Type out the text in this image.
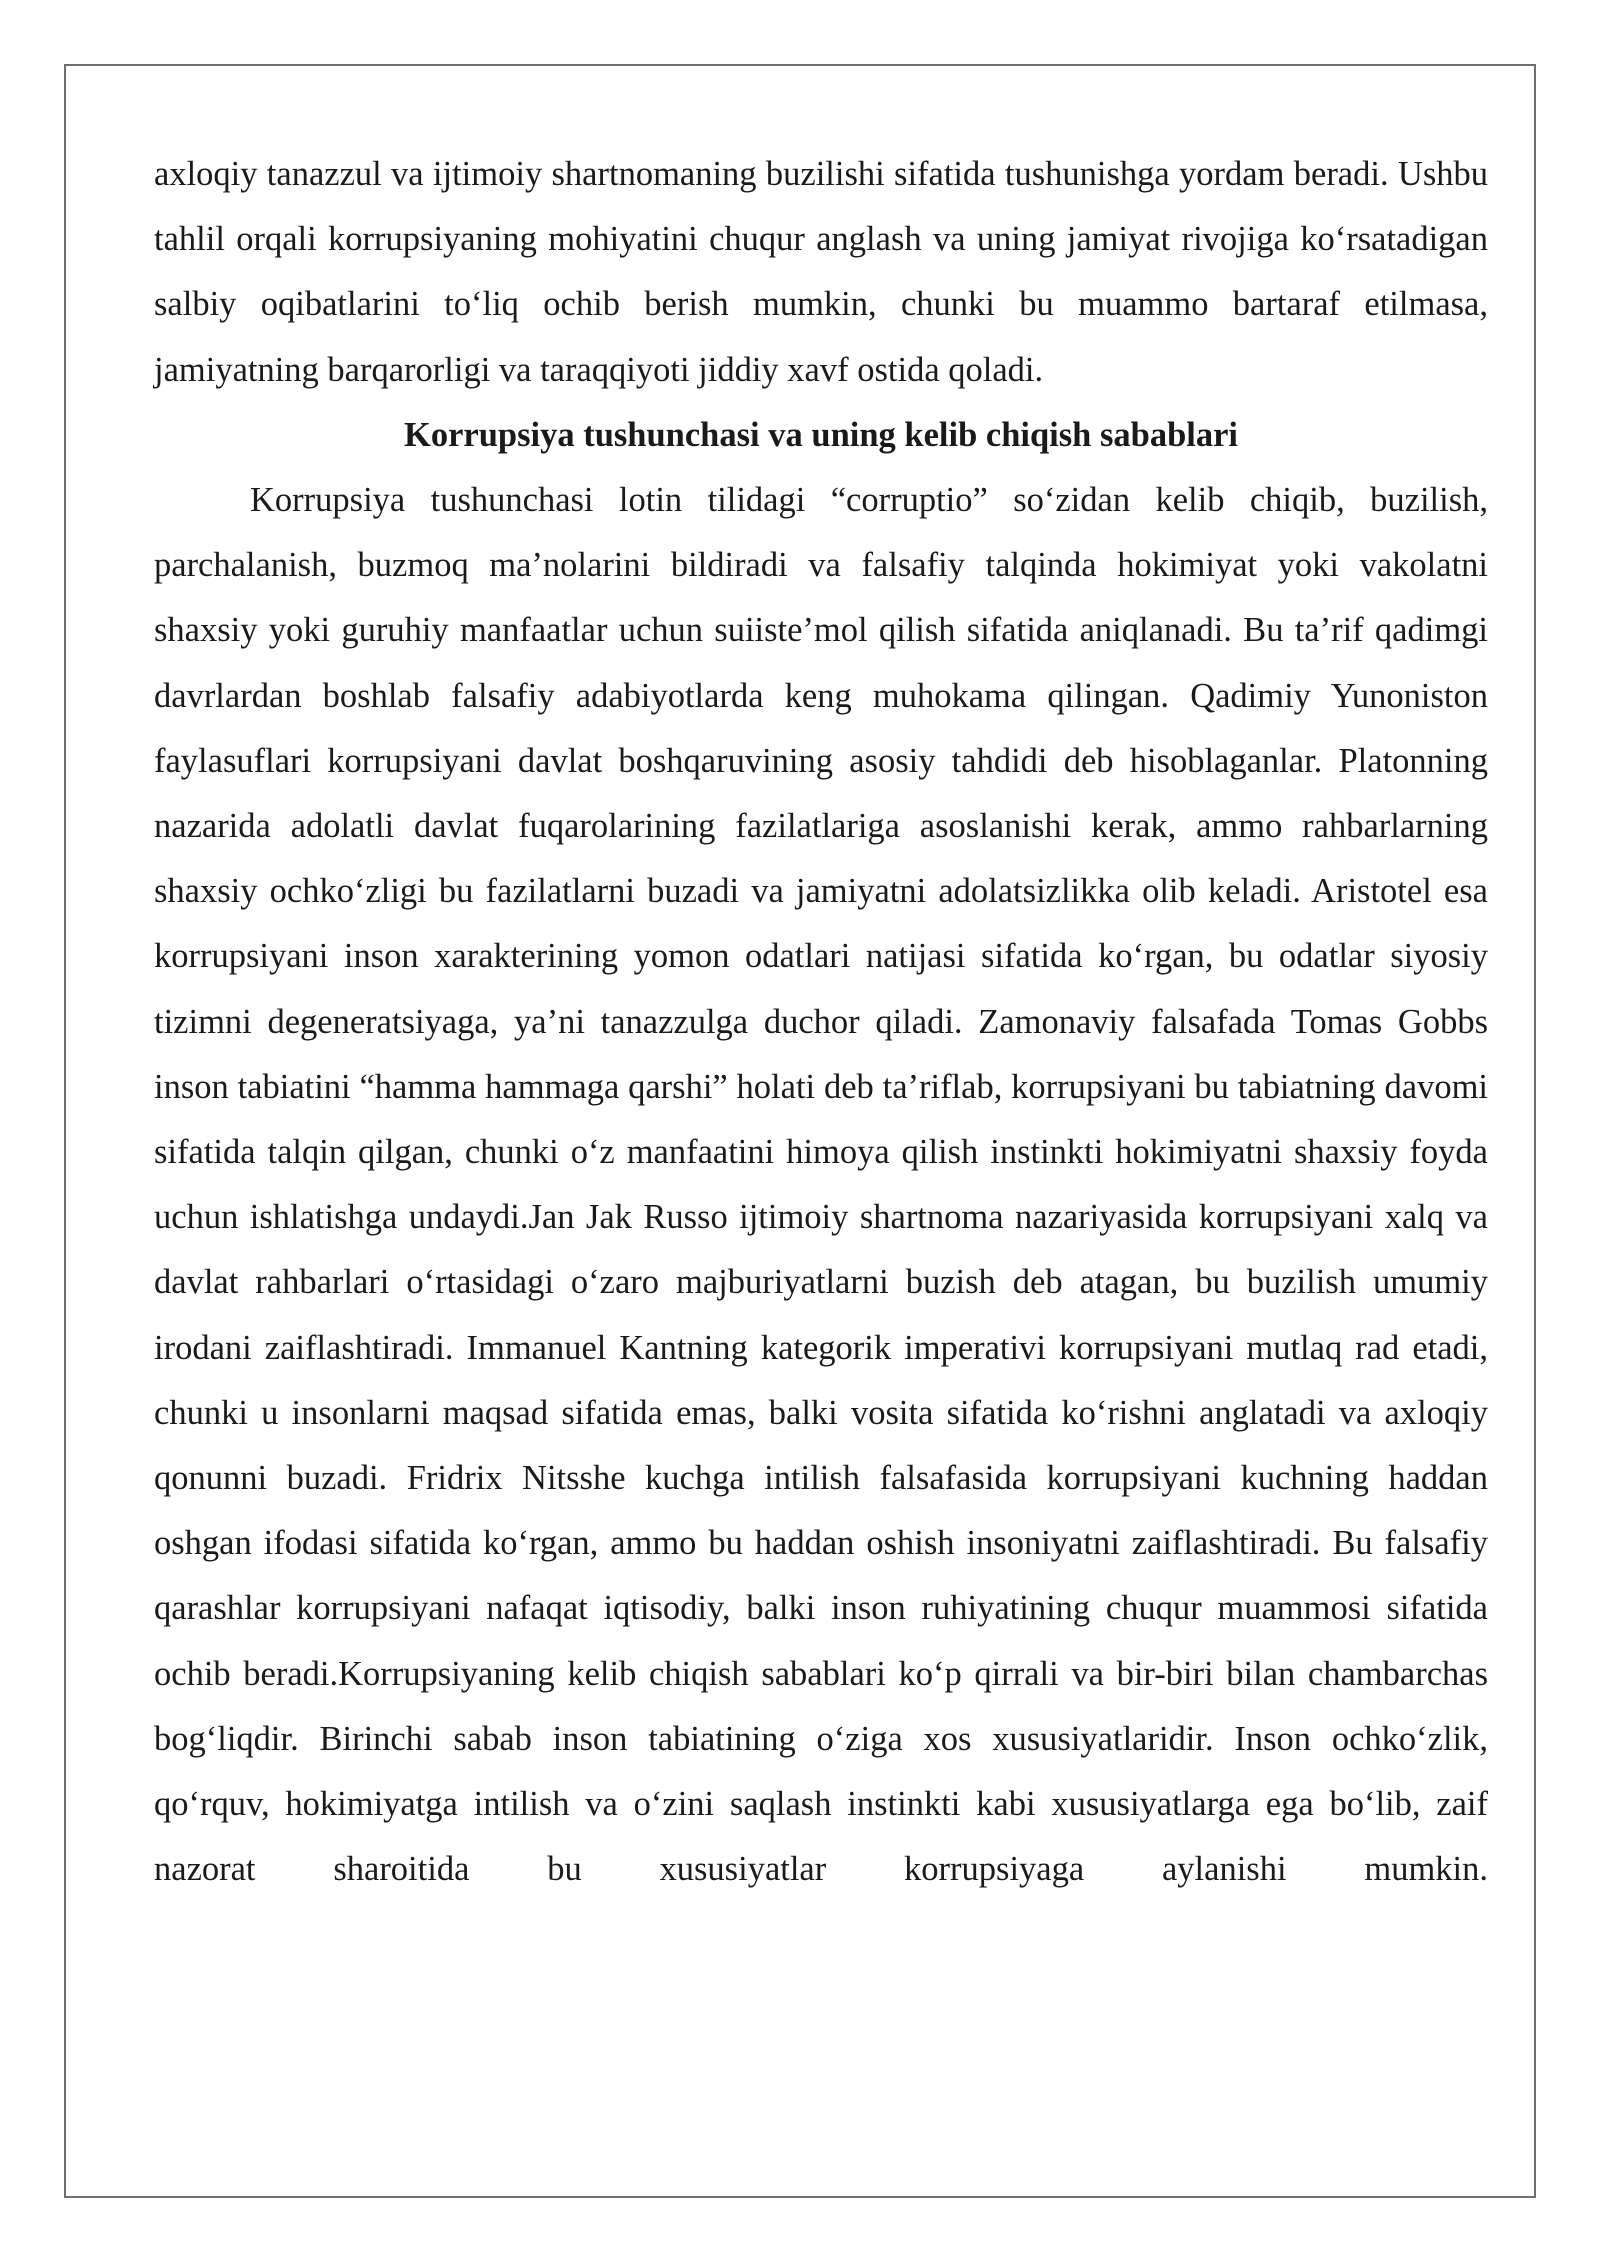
axloqiy tanazzul va ijtimoiy shartnomaning buzilishi sifatida tushunishga yordam beradi. Ushbu tahlil orqali korrupsiyaning mohiyatini chuqur anglash va uning jamiyat rivojiga ko‘rsatadigan salbiy oqibatlarini to‘liq ochib berish mumkin, chunki bu muammo bartaraf etilmasa, jamiyatning barqarorligi va taraqqiyoti jiddiy xavf ostida qoladi.

Korrupsiya tushunchasi va uning kelib chiqish sabablari

Korrupsiya tushunchasi lotin tilidagi “corruptio” so‘zidan kelib chiqib, buzilish, parchalanish, buzmoq ma’nolarini bildiradi va falsafiy talqinda hokimiyat yoki vakolatni shaxsiy yoki guruhiy manfaatlar uchun suiiste’mol qilish sifatida aniqlanadi. Bu ta’rif qadimgi davrlardan boshlab falsafiy adabiyotlarda keng muhokama qilingan. Qadimiy Yunoniston faylasuflari korrupsiyani davlat boshqaruvining asosiy tahdidi deb hisoblaganlar. Platonning nazarida adolatli davlat fuqarolarining fazilatlariga asoslanishi kerak, ammo rahbarlarning shaxsiy ochko‘zligi bu fazilatlarni buzadi va jamiyatni adolatsizlikka olib keladi. Aristotel esa korrupsiyani inson xarakterining yomon odatlari natijasi sifatida ko‘rgan, bu odatlar siyosiy tizimni degeneratsiyaga, ya’ni tanazzulga duchor qiladi. Zamonaviy falsafada Tomas Gobbs inson tabiatini “hamma hammaga qarshi” holati deb ta’riflab, korrupsiyani bu tabiatning davomi sifatida talqin qilgan, chunki o‘z manfaatini himoya qilish instinkti hokimiyatni shaxsiy foyda uchun ishlatishga undaydi.Jan Jak Russo ijtimoiy shartnoma nazariyasida korrupsiyani xalq va davlat rahbarlari o‘rtasidagi o‘zaro majburiyatlarni buzish deb atagan, bu buzilish umumiy irodani zaiflashtiradi. Immanuel Kantning kategorik imperativi korrupsiyani mutlaq rad etadi, chunki u insonlarni maqsad sifatida emas, balki vosita sifatida ko‘rishni anglatadi va axloqiy qonunni buzadi. Fridrix Nitsshe kuchga intilish falsafasida korrupsiyani kuchning haddan oshgan ifodasi sifatida ko‘rgan, ammo bu haddan oshish insoniyatni zaiflashtiradi. Bu falsafiy qarashlar korrupsiyani nafaqat iqtisodiy, balki inson ruhiyatining chuqur muammosi sifatida ochib beradi.Korrupsiyaning kelib chiqish sabablari ko‘p qirrali va bir-biri bilan chambarchas bog‘liqdir. Birinchi sabab inson tabiatining o‘ziga xos xususiyatlaridir. Inson ochko‘zlik, qo‘rquv, hokimiyatga intilish va o‘zini saqlash instinkti kabi xususiyatlarga ega bo‘lib, zaif nazorat sharoitida bu xususiyatlar korrupsiyaga aylanishi mumkin.
